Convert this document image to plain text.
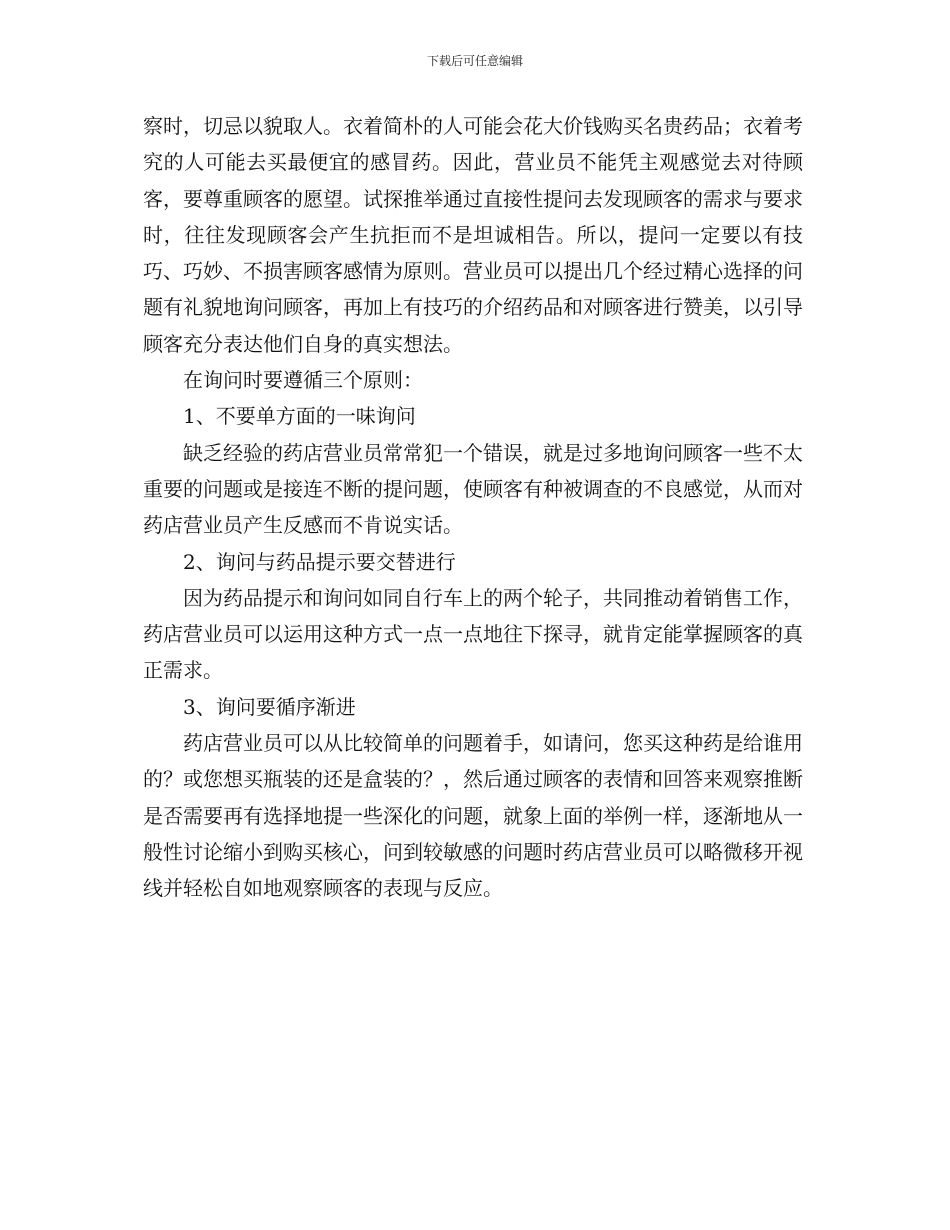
下载后可任意编辑

察时，切忌以貌取人。衣着简朴的人可能会花大价钱购买名贵药品；衣着考究的人可能去买最便宜的感冒药。因此，营业员不能凭主观感觉去对待顾客，要尊重顾客的愿望。试探推举通过直接性提问去发现顾客的需求与要求时，往往发现顾客会产生抗拒而不是坦诚相告。所以，提问一定要以有技巧、巧妙、不损害顾客感情为原则。营业员可以提出几个经过精心选择的问题有礼貌地询问顾客，再加上有技巧的介绍药品和对顾客进行赞美，以引导顾客充分表达他们自身的真实想法。

在询问时要遵循三个原则：

1、不要单方面的一味询问

缺乏经验的药店营业员常常犯一个错误，就是过多地询问顾客一些不太重要的问题或是接连不断的提问题，使顾客有种被调查的不良感觉，从而对药店营业员产生反感而不肯说实话。

2、询问与药品提示要交替进行

因为药品提示和询问如同自行车上的两个轮子，共同推动着销售工作，药店营业员可以运用这种方式一点一点地往下探寻，就肯定能掌握顾客的真正需求。

3、询问要循序渐进

药店营业员可以从比较简单的问题着手，如请问，您买这种药是给谁用的？或您想买瓶装的还是盒装的？，然后通过顾客的表情和回答来观察推断是否需要再有选择地提一些深化的问题，就象上面的举例一样，逐渐地从一般性讨论缩小到购买核心，问到较敏感的问题时药店营业员可以略微移开视线并轻松自如地观察顾客的表现与反应。
